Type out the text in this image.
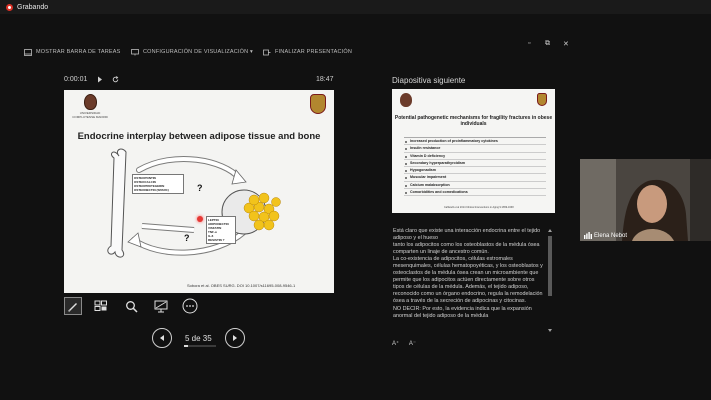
Grabando
MOSTRAR BARRA DE TAREAS	CONFIGURACIÓN DE VISUALIZACIÓN ▾	FINALIZAR PRESENTACIÓN
▫ ⧉ ✕
0:00:01	18:47
UNIVERSIDAD COMPLUTENSE MADRID
Endocrine interplay between adipose tissue and bone
OSTEOPONTIN
OSTEOCALCIN
OSTEOPROTEGERIN
OSTEONECTIN (SPARC)
LEPTIN
ADIPONECTIN
VISFATIN
TNF-α
IL-6
RESISTIN ?
?
?
Sobora et al. OBES SURG. DOI 10.1007/s11695-008-9546-1
5 de 35
Diapositiva siguiente
Potential pathogenetic mechanisms for fragility fractures in obese individuals
Increased production of proinflammatory cytokines
Insulin resistance
Vitamin D deficiency
Secondary hyperparathyroidism
Hypogonadism
Muscular impairment
Calcium malabsorption
Comorbidities and comedications
Caffarelli et al 2014 Clinical Interventions in Aging 9:1659-1668

Está claro que existe una interacción endocrina entre el tejido adiposo y el hueso
tanto los adipocitos como los osteoblastos de la médula ósea comparten un linaje de ancestro común.
La co-existencia de adipocitos, células estromales mesenquimales, células hematopoyéticas, y los osteoblastos y osteoclastos de la médula ósea crean un microambiente que permite que los adipocitos actúen directamente sobre otros tipos de células de la médula. Además, el tejido adiposo, reconocido como un órgano endocrino, regula la remodelación ósea a través de la secreción de adipocinas y citocinas.
NO DECIR: Por esto, la evidencia indica que la expansión anormal del tejido adiposo de la médula

A⁺ A⁻
Elena Nebot
